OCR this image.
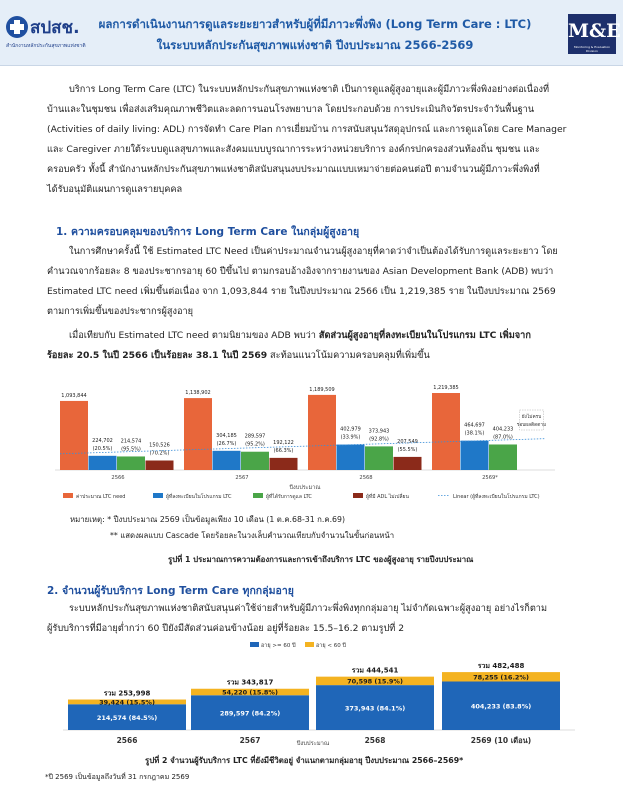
สปสช.
สำนักงานหลักประกันสุขภาพแห่งชาติ
ผลการดำเนินงานการดูแลระยะยาวสำหรับผู้ที่มีภาวะพึ่งพิง (Long Term Care : LTC)
ในระบบหลักประกันสุขภาพแห่งชาติ ปีงบประมาณ 2566-2569
M&E
Monitoring & Evaluation Division
บริการ Long Term Care (LTC) ในระบบหลักประกันสุขภาพแห่งชาติ เป็นการดูแลผู้สูงอายุและผู้มีภาวะพึ่งพิงอย่างต่อเนื่องที่
บ้านและในชุมชน เพื่อส่งเสริมคุณภาพชีวิตและลดการนอนโรงพยาบาล โดยประกอบด้วย การประเมินกิจวัตรประจำวันพื้นฐาน
(Activities of daily living: ADL) การจัดทำ Care Plan การเยี่ยมบ้าน การสนับสนุนวัสดุอุปกรณ์ และการดูแลโดย Care Manager
และ Caregiver ภายใต้ระบบดูแลสุขภาพและสังคมแบบบูรณาการระหว่างหน่วยบริการ องค์กรปกครองส่วนท้องถิ่น ชุมชน และ
ครอบครัว ทั้งนี้ สำนักงานหลักประกันสุขภาพแห่งชาติสนับสนุนงบประมาณแบบเหมาจ่ายต่อคนต่อปี ตามจำนวนผู้มีภาวะพึ่งพิงที่
ได้รับอนุมัติแผนการดูแลรายบุคคล
1. ความครอบคลุมของบริการ Long Term Care ในกลุ่มผู้สูงอายุ
ในการศึกษาครั้งนี้ ใช้ Estimated LTC Need เป็นค่าประมาณจำนวนผู้สูงอายุที่คาดว่าจำเป็นต้องได้รับการดูแลระยะยาว โดย
คำนวณจากร้อยละ 8 ของประชากรอายุ 60 ปีขึ้นไป ตามกรอบอ้างอิงจากรายงานของ Asian Development Bank (ADB) พบว่า
Estimated LTC need เพิ่มขึ้นต่อเนื่อง จาก 1,093,844 ราย ในปีงบประมาณ 2566 เป็น 1,219,385 ราย ในปีงบประมาณ 2569
ตามการเพิ่มขึ้นของประชากรผู้สูงอายุ
เมื่อเทียบกับ Estimated LTC need ตามนิยามของ ADB พบว่า สัดส่วนผู้สูงอายุที่ลงทะเบียนในโปรแกรม LTC เพิ่มจาก
ร้อยละ 20.5 ในปี 2566 เป็นร้อยละ 38.1 ในปี 2569 สะท้อนแนวโน้มความครอบคลุมที่เพิ่มขึ้น
1,093,844
224,702
(20.5%)
214,574
(95.5%)
150,526
(70.2%)
2566
1,138,902
304,185
(26.7%)
289,597
(95.2%) 192,122
(66.3%)
2567
1,189,509
402,979
(33.9%)
373,943
(92.8%) 207,549
(55.5%)
2568
1,219,385
464,697
(38.1%)
404,233
(87.0%)
ยังไม่ครบ
รอบผลติดตาม
2569*
ปีงบประมาณ
ค่าประมาณ LTC need	ผู้ที่ลงทะเบียนในโปรแกรม LTC	ผู้ที่ได้รับการดูแล LTC	ผู้ที่มี ADL ไม่เปลี่ยน	Linear (ผู้ที่ลงทะเบียนในโปรแกรม LTC)
หมายเหตุ: * ปีงบประมาณ 2569 เป็นข้อมูลเพียง 10 เดือน (1 ต.ค.68-31 ก.ค.69)
** แสดงผลแบบ Cascade โดยร้อยละในวงเล็บคำนวณเทียบกับจำนวนในขั้นก่อนหน้า
รูปที่ 1 ประมาณการความต้องการและการเข้าถึงบริการ LTC ของผู้สูงอายุ รายปีงบประมาณ
2. จำนวนผู้รับบริการ Long Term Care ทุกกลุ่มอายุ
ระบบหลักประกันสุขภาพแห่งชาติสนับสนุนค่าใช้จ่ายสำหรับผู้มีภาวะพึ่งพิงทุกกลุ่มอายุ ไม่จำกัดเฉพาะผู้สูงอายุ อย่างไรก็ตาม
ผู้รับบริการที่มีอายุต่ำกว่า 60 ปียังมีสัดส่วนค่อนข้างน้อย อยู่ที่ร้อยละ 15.5–16.2 ตามรูปที่ 2
อายุ >= 60 ปี	อายุ < 60 ปี
214,574 (84.5%)
39,424 (15.5%)
รวม 253,998
2566
289,597 (84.2%)
54,220 (15.8%)
รวม 343,817
2567
373,943 (84.1%)
70,598 (15.9%)
รวม 444,541
2568
404,233 (83.8%)
78,255 (16.2%)
รวม 482,488
2569 (10 เดือน)
ปีงบประมาณ
รูปที่ 2 จำนวนผู้รับบริการ LTC ที่ยังมีชีวิตอยู่ จำแนกตามกลุ่มอายุ ปีงบประมาณ 2566–2569*
*ปี 2569 เป็นข้อมูลถึงวันที่ 31 กรกฎาคม 2569
